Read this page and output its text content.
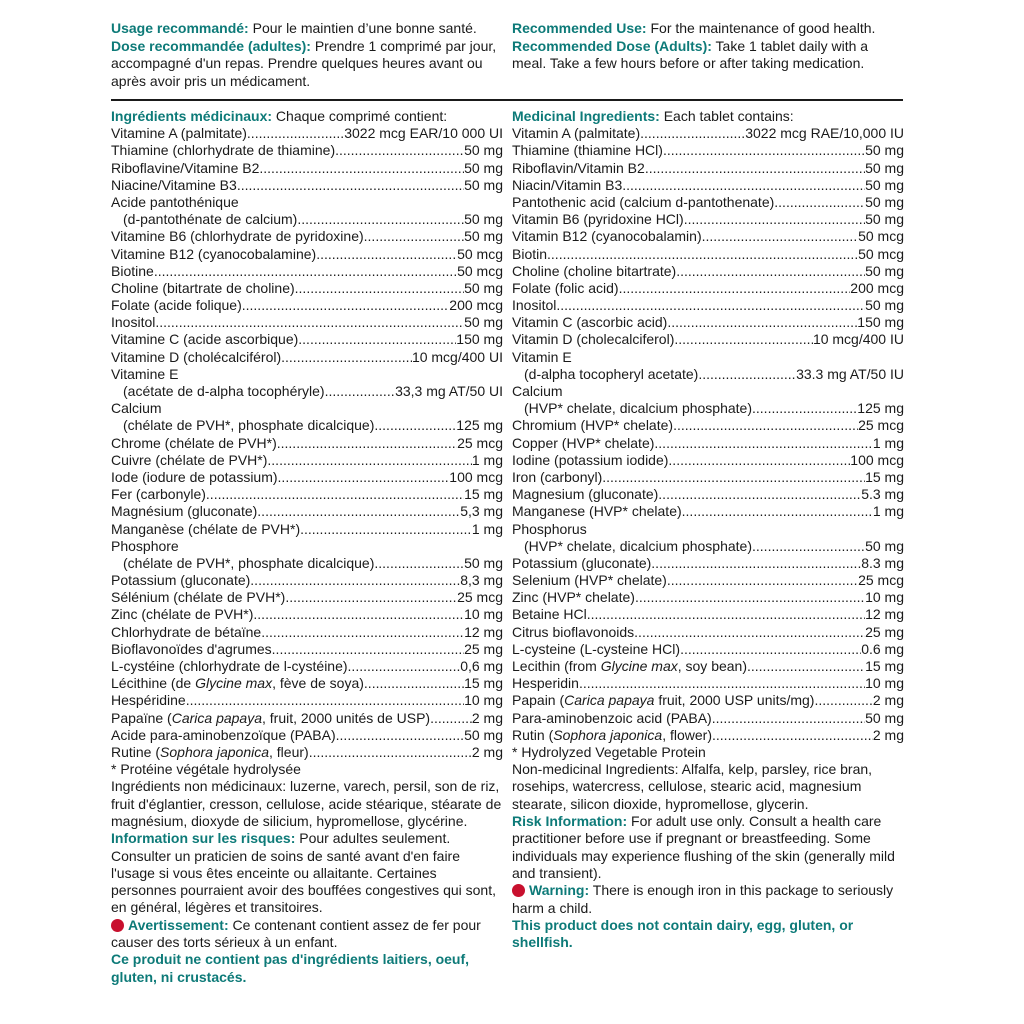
Usage recommandé: Pour le maintien d’une bonne santé.

Dose recommandée (adultes): Prendre 1 comprimé par jour, accompagné d'un repas. Prendre quelques heures avant ou après avoir pris un médicament.

Recommended Use: For the maintenance of good health.

Recommended Dose (Adults): Take 1 tablet daily with a meal. Take a few hours before or after taking medication.

Ingrédients médicinaux: Chaque comprimé contient:
Vitamine A (palmitate) .....	3022 mcg EAR/10 000 UI
Thiamine (chlorhydrate de thiamine) .....	50 mg
Riboflavine/Vitamine B2 .....	50 mg
Niacine/Vitamine B3 .....	50 mg
Acide pantothénique
(d-pantothénate de calcium) .....	50 mg
Vitamine B6 (chlorhydrate de pyridoxine) .....	50 mg
Vitamine B12 (cyanocobalamine) .....	50 mcg
Biotine .....	50 mcg
Choline (bitartrate de choline) .....	50 mg
Folate (acide folique) .....	200 mcg
Inositol .....	50 mg
Vitamine C (acide ascorbique) .....	150 mg
Vitamine D (cholécalciférol) .....	10 mcg/400 UI
Vitamine E
(acétate de d-alpha tocophéryle) .....	33,3 mg AT/50 UI
Calcium
(chélate de PVH*, phosphate dicalcique) .....	125 mg
Chrome (chélate de PVH*) .....	25 mcg
Cuivre (chélate de PVH*) .....	1 mg
Iode (iodure de potassium) .....	100 mcg
Fer (carbonyle) .....	15 mg
Magnésium (gluconate) .....	5,3 mg
Manganèse (chélate de PVH*) .....	1 mg
Phosphore
(chélate de PVH*, phosphate dicalcique) .....	50 mg
Potassium (gluconate) .....	8,3 mg
Sélénium (chélate de PVH*) .....	25 mcg
Zinc (chélate de PVH*) .....	10 mg
Chlorhydrate de bétaïne .....	12 mg
Bioflavonoïdes d'agrumes .....	25 mg
L-cystéine (chlorhydrate de l-cystéine) .....	0,6 mg
Lécithine (de Glycine max, fève de soya) .....	15 mg
Hespéridine .....	10 mg
Papaïne (Carica papaya, fruit, 2000 unités de USP) .....	2 mg
Acide para-aminobenzoïque (PABA) .....	50 mg
Rutine (Sophora japonica, fleur) .....	2 mg
* Protéine végétale hydrolysée
Ingrédients non médicinaux: luzerne, varech, persil, son de riz, fruit d'églantier, cresson, cellulose, acide stéarique, stéarate de magnésium, dioxyde de silicium, hypromellose, glycérine.
Information sur les risques: Pour adultes seulement. Consulter un praticien de soins de santé avant d'en faire l'usage si vous êtes enceinte ou allaitante. Certaines personnes pourraient avoir des bouffées congestives qui sont, en général, légères et transitoires.
Avertissement: Ce contenant contient assez de fer pour causer des torts sérieux à un enfant.
Ce produit ne contient pas d'ingrédients laitiers, oeuf, gluten, ni crustacés.
Medicinal Ingredients: Each tablet contains:
Vitamin A (palmitate) .....	3022 mcg RAE/10,000 IU
Thiamine (thiamine HCl) .....	50 mg
Riboflavin/Vitamin B2 .....	50 mg
Niacin/Vitamin B3 .....	50 mg
Pantothenic acid (calcium d-pantothenate) .....	50 mg
Vitamin B6 (pyridoxine HCl) .....	50 mg
Vitamin B12 (cyanocobalamin) .....	50 mcg
Biotin .....	50 mcg
Choline (choline bitartrate) .....	50 mg
Folate (folic acid) .....	200 mcg
Inositol .....	50 mg
Vitamin C (ascorbic acid) .....	150 mg
Vitamin D (cholecalciferol) .....	10 mcg/400 IU
Vitamin E
(d-alpha tocopheryl acetate) .....	33.3 mg AT/50 IU
Calcium
(HVP* chelate, dicalcium phosphate) .....	125 mg
Chromium (HVP* chelate) .....	25 mcg
Copper (HVP* chelate) .....	1 mg
Iodine (potassium iodide) .....	100 mcg
Iron (carbonyl) .....	15 mg
Magnesium (gluconate) .....	5.3 mg
Manganese (HVP* chelate) .....	1 mg
Phosphorus
(HVP* chelate, dicalcium phosphate) .....	50 mg
Potassium (gluconate) .....	8.3 mg
Selenium (HVP* chelate) .....	25 mcg
Zinc (HVP* chelate) .....	10 mg
Betaine HCl .....	12 mg
Citrus bioflavonoids .....	25 mg
L-cysteine (L-cysteine HCl) .....	0.6 mg
Lecithin (from Glycine max, soy bean) .....	15 mg
Hesperidin .....	10 mg
Papain (Carica papaya fruit, 2000 USP units/mg) .....	2 mg
Para-aminobenzoic acid (PABA) .....	50 mg
Rutin (Sophora japonica, flower) .....	2 mg
* Hydrolyzed Vegetable Protein
Non-medicinal Ingredients: Alfalfa, kelp, parsley, rice bran, rosehips, watercress, cellulose, stearic acid, magnesium stearate, silicon dioxide, hypromellose, glycerin.
Risk Information: For adult use only. Consult a health care practitioner before use if pregnant or breastfeeding. Some individuals may experience flushing of the skin (generally mild and transient).
Warning: There is enough iron in this package to seriously harm a child.
This product does not contain dairy, egg, gluten, or shellfish.
